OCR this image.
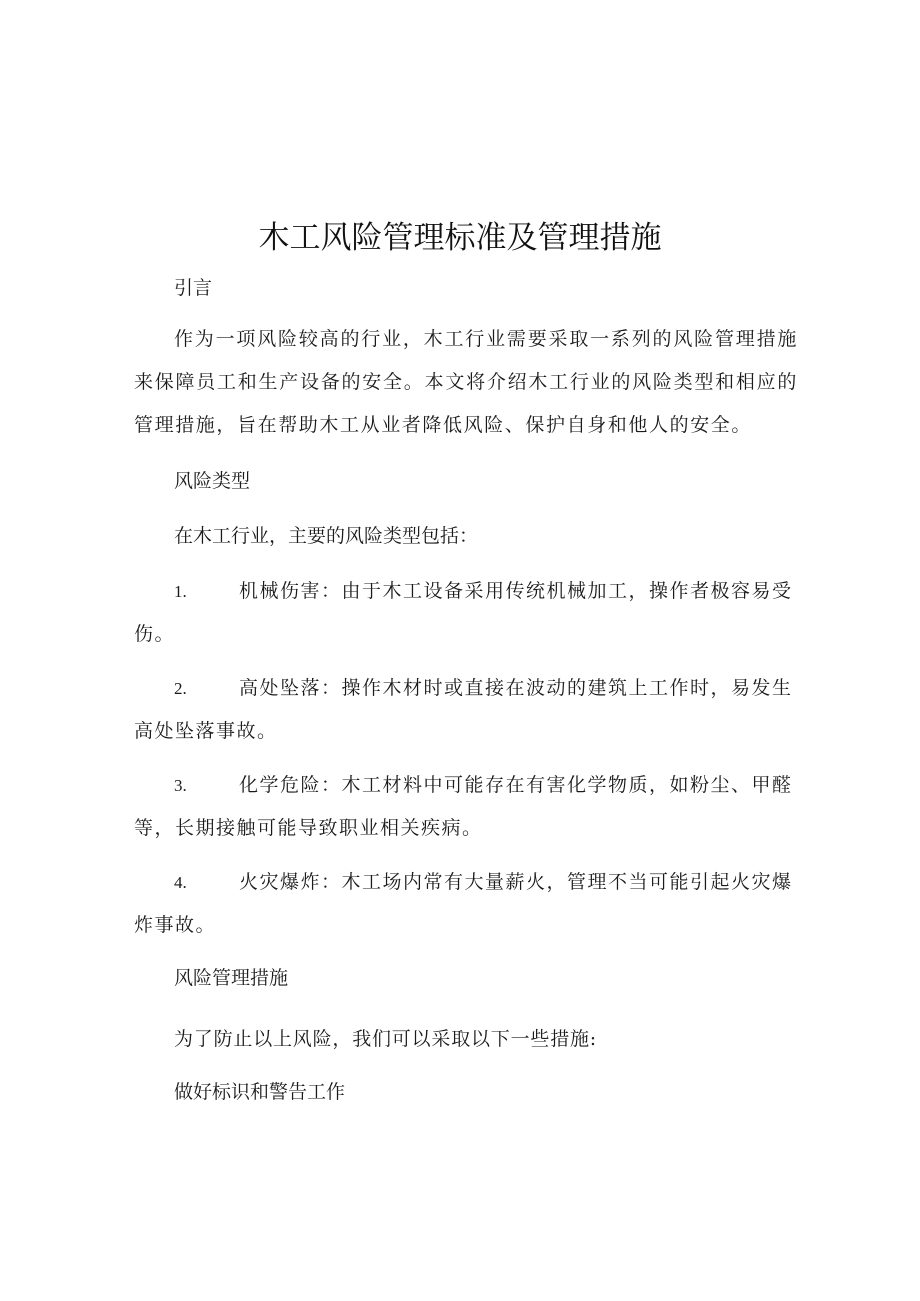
木工风险管理标准及管理措施

引言

作为一项风险较高的行业，木工行业需要采取一系列的风险管理措施来保障员工和生产设备的安全。本文将介绍木工行业的风险类型和相应的管理措施，旨在帮助木工从业者降低风险、保护自身和他人的安全。

风险类型

在木工行业，主要的风险类型包括：

1.	机械伤害：由于木工设备采用传统机械加工，操作者极容易受

伤。

2.	高处坠落：操作木材时或直接在波动的建筑上工作时，易发生

高处坠落事故。

3.	化学危险：木工材料中可能存在有害化学物质，如粉尘、甲醛

等，长期接触可能导致职业相关疾病。

4.	火灾爆炸：木工场内常有大量薪火，管理不当可能引起火灾爆

炸事故。

风险管理措施

为了防止以上风险，我们可以采取以下一些措施:

做好标识和警告工作
